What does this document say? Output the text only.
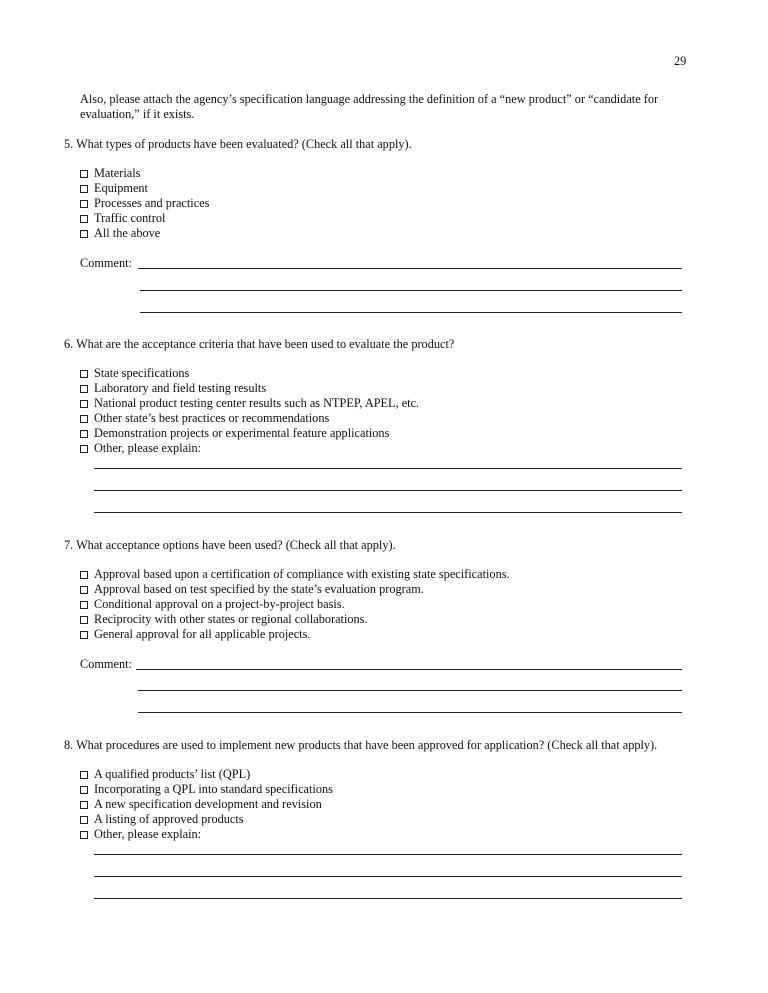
29
Also, please attach the agency’s specification language addressing the definition of a “new product” or “candidate for evaluation,” if it exists.
5. What types of products have been evaluated? (Check all that apply).
Materials
Equipment
Processes and practices
Traffic control
All the above
Comment:
6. What are the acceptance criteria that have been used to evaluate the product?
State specifications
Laboratory and field testing results
National product testing center results such as NTPEP, APEL, etc.
Other state’s best practices or recommendations
Demonstration projects or experimental feature applications
Other, please explain:
7. What acceptance options have been used? (Check all that apply).
Approval based upon a certification of compliance with existing state specifications.
Approval based on test specified by the state’s evaluation program.
Conditional approval on a project-by-project basis.
Reciprocity with other states or regional collaborations.
General approval for all applicable projects.
Comment:
8. What procedures are used to implement new products that have been approved for application? (Check all that apply).
A qualified products’ list (QPL)
Incorporating a QPL into standard specifications
A new specification development and revision
A listing of approved products
Other, please explain:
